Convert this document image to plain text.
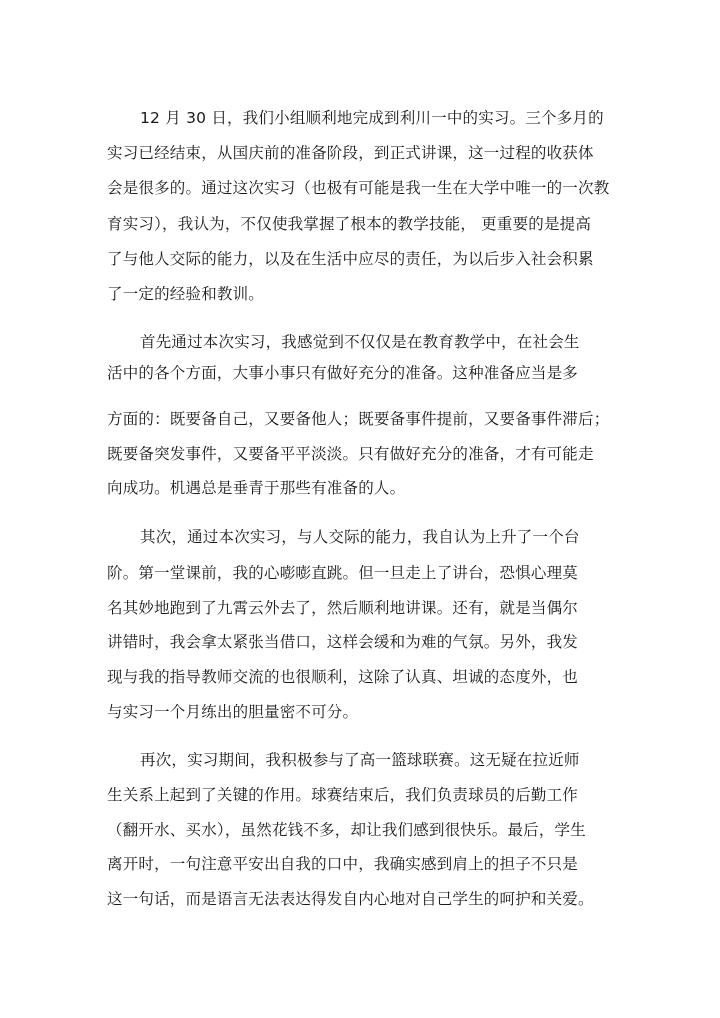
12 月 30 日，我们小组顺利地完成到利川一中的实习。三个多月的
实习已经结束，从国庆前的准备阶段，到正式讲课，这一过程的收获体
会是很多的。通过这次实习（也极有可能是我一生在大学中唯一的一次教
育实习），我认为，不仅使我掌握了根本的教学技能， 更重要的是提高
了与他人交际的能力，以及在生活中应尽的责任，为以后步入社会积累
了一定的经验和教训。
首先通过本次实习，我感觉到不仅仅是在教育教学中，在社会生
活中的各个方面，大事小事只有做好充分的准备。这种准备应当是多
方面的：既要备自己，又要备他人；既要备事件提前，又要备事件滞后；
既要备突发事件，又要备平平淡淡。只有做好充分的准备，才有可能走
向成功。机遇总是垂青于那些有准备的人。
其次，通过本次实习，与人交际的能力，我自认为上升了一个台
阶。第一堂课前，我的心嘭嘭直跳。但一旦走上了讲台，恐惧心理莫
名其妙地跑到了九霄云外去了，然后顺利地讲课。还有，就是当偶尔
讲错时，我会拿太紧张当借口，这样会缓和为难的气氛。另外，我发
现与我的指导教师交流的也很顺利，这除了认真、坦诚的态度外，也
与实习一个月练出的胆量密不可分。
再次，实习期间，我积极参与了高一篮球联赛。这无疑在拉近师
生关系上起到了关键的作用。球赛结束后，我们负责球员的后勤工作
（翻开水、买水），虽然花钱不多，却让我们感到很快乐。最后，学生
离开时，一句注意平安出自我的口中，我确实感到肩上的担子不只是
这一句话，而是语言无法表达得发自内心地对自己学生的呵护和关爱。
